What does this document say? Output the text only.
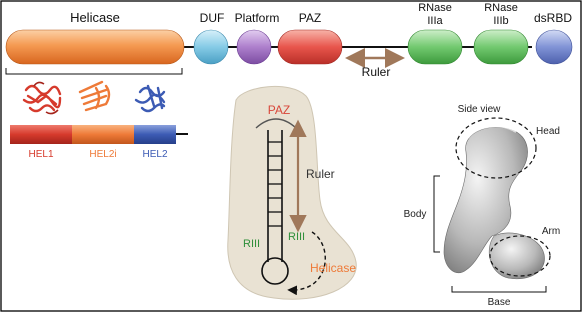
Helicase	DUF Platform PAZ
RNase
IIIa
RNase
IIIb dsRBD
Ruler
HEL1	HEL2i	HEL2
PAZ
Ruler
RIII
RIII
Helicase
Side view
Head
Arm
Body
Base
